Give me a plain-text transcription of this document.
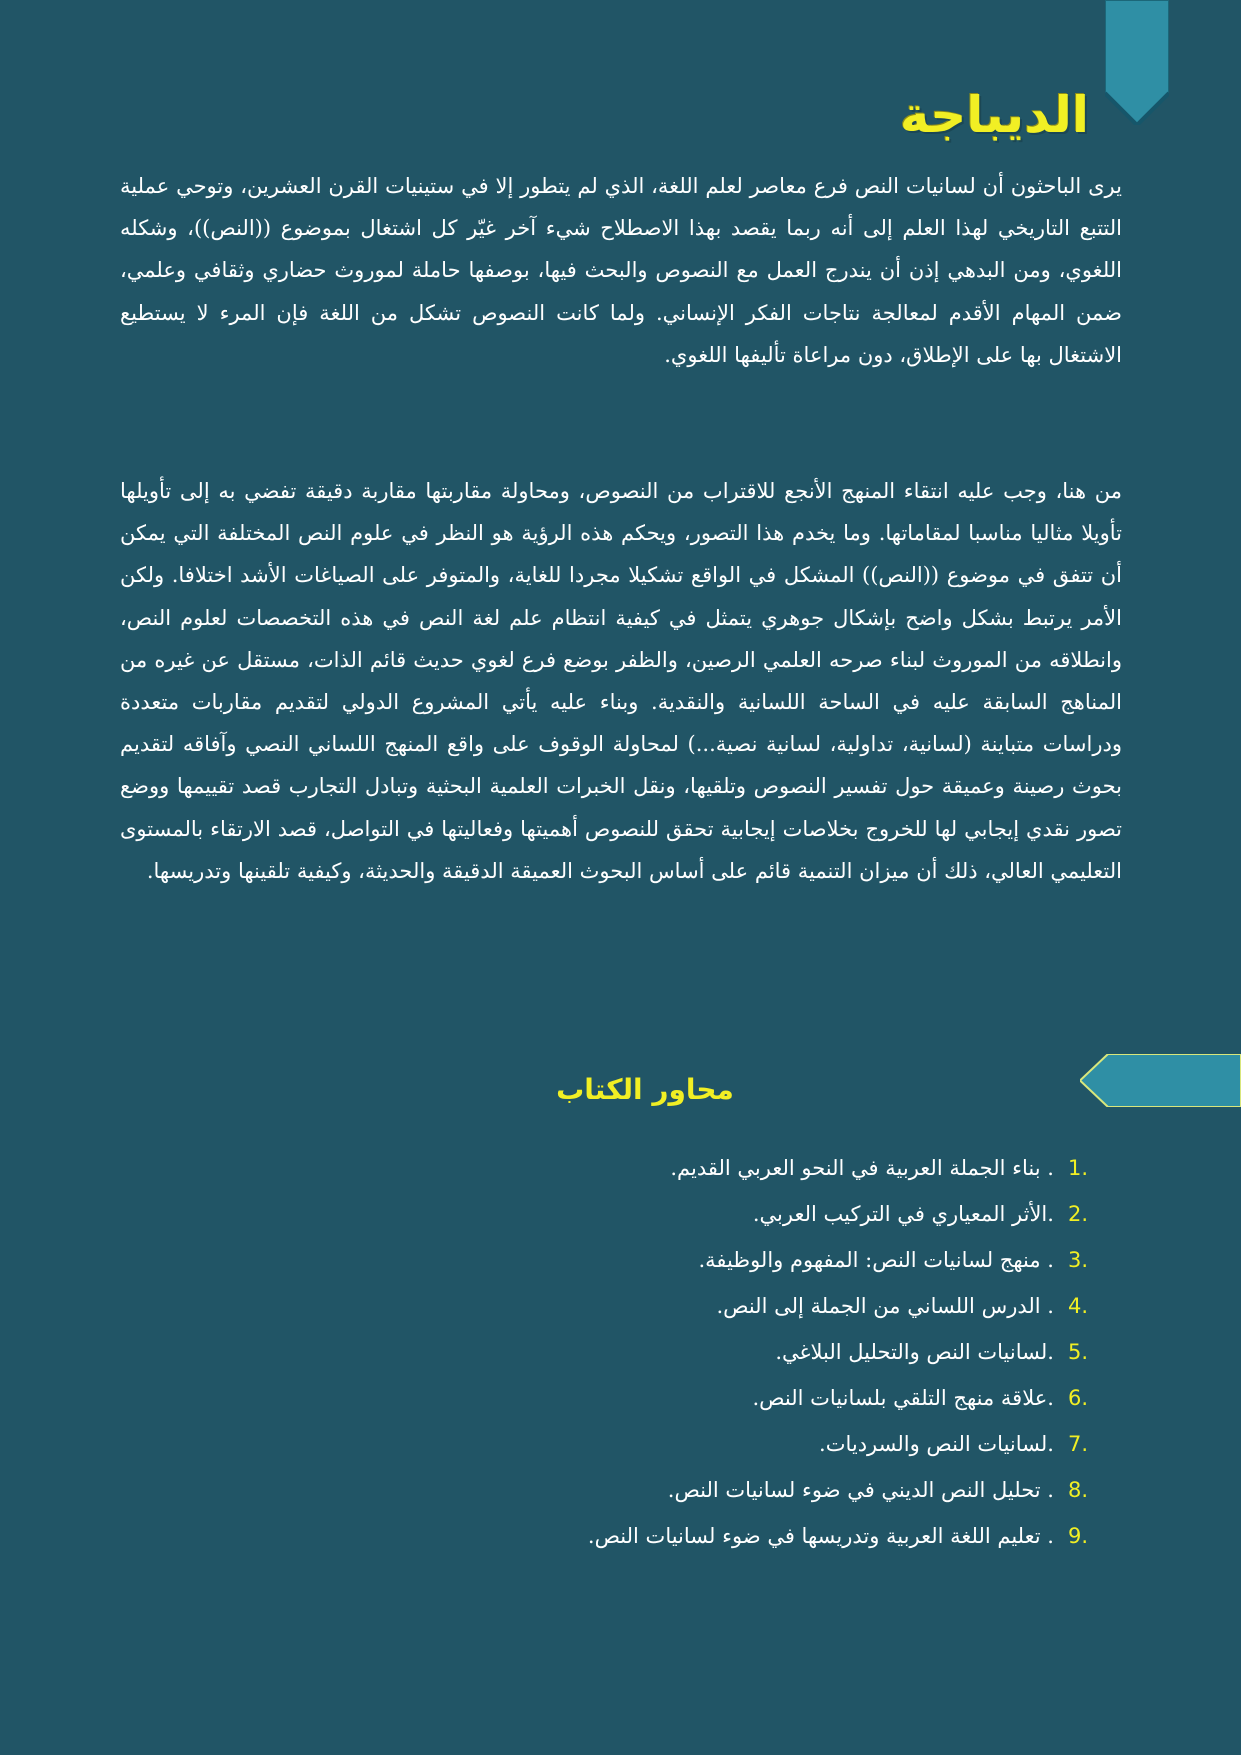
الديباجة

يرى الباحثون أن لسانيات النص فرع معاصر لعلم اللغة، الذي لم يتطور إلا في ستينيات القرن العشرين، وتوحي عملية التتبع التاريخي لهذا العلم إلى أنه ربما يقصد بهذا الاصطلاح شيء آخر غيّر كل اشتغال بموضوع ((النص))، وشكله اللغوي، ومن البدهي إذن أن يندرج العمل مع النصوص والبحث فيها، بوصفها حاملة لموروث حضاري وثقافي وعلمي، ضمن المهام الأقدم لمعالجة نتاجات الفكر الإنساني. ولما كانت النصوص تشكل من اللغة فإن المرء لا يستطيع الاشتغال بها على الإطلاق، دون مراعاة تأليفها اللغوي.

من هنا، وجب عليه انتقاء المنهج الأنجع للاقتراب من النصوص، ومحاولة مقاربتها مقاربة دقيقة تفضي به إلى تأويلها تأويلا مثاليا مناسبا لمقاماتها. وما يخدم هذا التصور، ويحكم هذه الرؤية هو النظر في علوم النص المختلفة التي يمكن أن تتفق في موضوع ((النص)) المشكل في الواقع تشكيلا مجردا للغاية، والمتوفر على الصياغات الأشد اختلافا. ولكن الأمر يرتبط بشكل واضح بإشكال جوهري يتمثل في كيفية انتظام علم لغة النص في هذه التخصصات لعلوم النص، وانطلاقه من الموروث لبناء صرحه العلمي الرصين، والظفر بوضع فرع لغوي حديث قائم الذات، مستقل عن غيره من المناهج السابقة عليه في الساحة اللسانية والنقدية. وبناء عليه يأتي المشروع الدولي لتقديم مقاربات متعددة ودراسات متباينة (لسانية، تداولية، لسانية نصية...) لمحاولة الوقوف على واقع المنهج اللساني النصي وآفاقه لتقديم بحوث رصينة وعميقة حول تفسير النصوص وتلقيها، ونقل الخبرات العلمية البحثية وتبادل التجارب قصد تقييمها ووضع تصور نقدي إيجابي لها للخروج بخلاصات إيجابية تحقق للنصوص أهميتها وفعاليتها في التواصل، قصد الارتقاء بالمستوى التعليمي العالي، ذلك أن ميزان التنمية قائم على أساس البحوث العميقة الدقيقة والحديثة، وكيفية تلقينها وتدريسها.

محاور الكتاب
1.. بناء الجملة العربية في النحو العربي القديم.
2..الأثر المعياري في التركيب العربي.
3.. منهج لسانيات النص: المفهوم والوظيفة.
4.. الدرس اللساني من الجملة إلى النص.
5..لسانيات النص والتحليل البلاغي.
6..علاقة منهج التلقي بلسانيات النص.
7..لسانيات النص والسرديات.
8.. تحليل النص الديني في ضوء لسانيات النص.
9.. تعليم اللغة العربية وتدريسها في ضوء لسانيات النص.
